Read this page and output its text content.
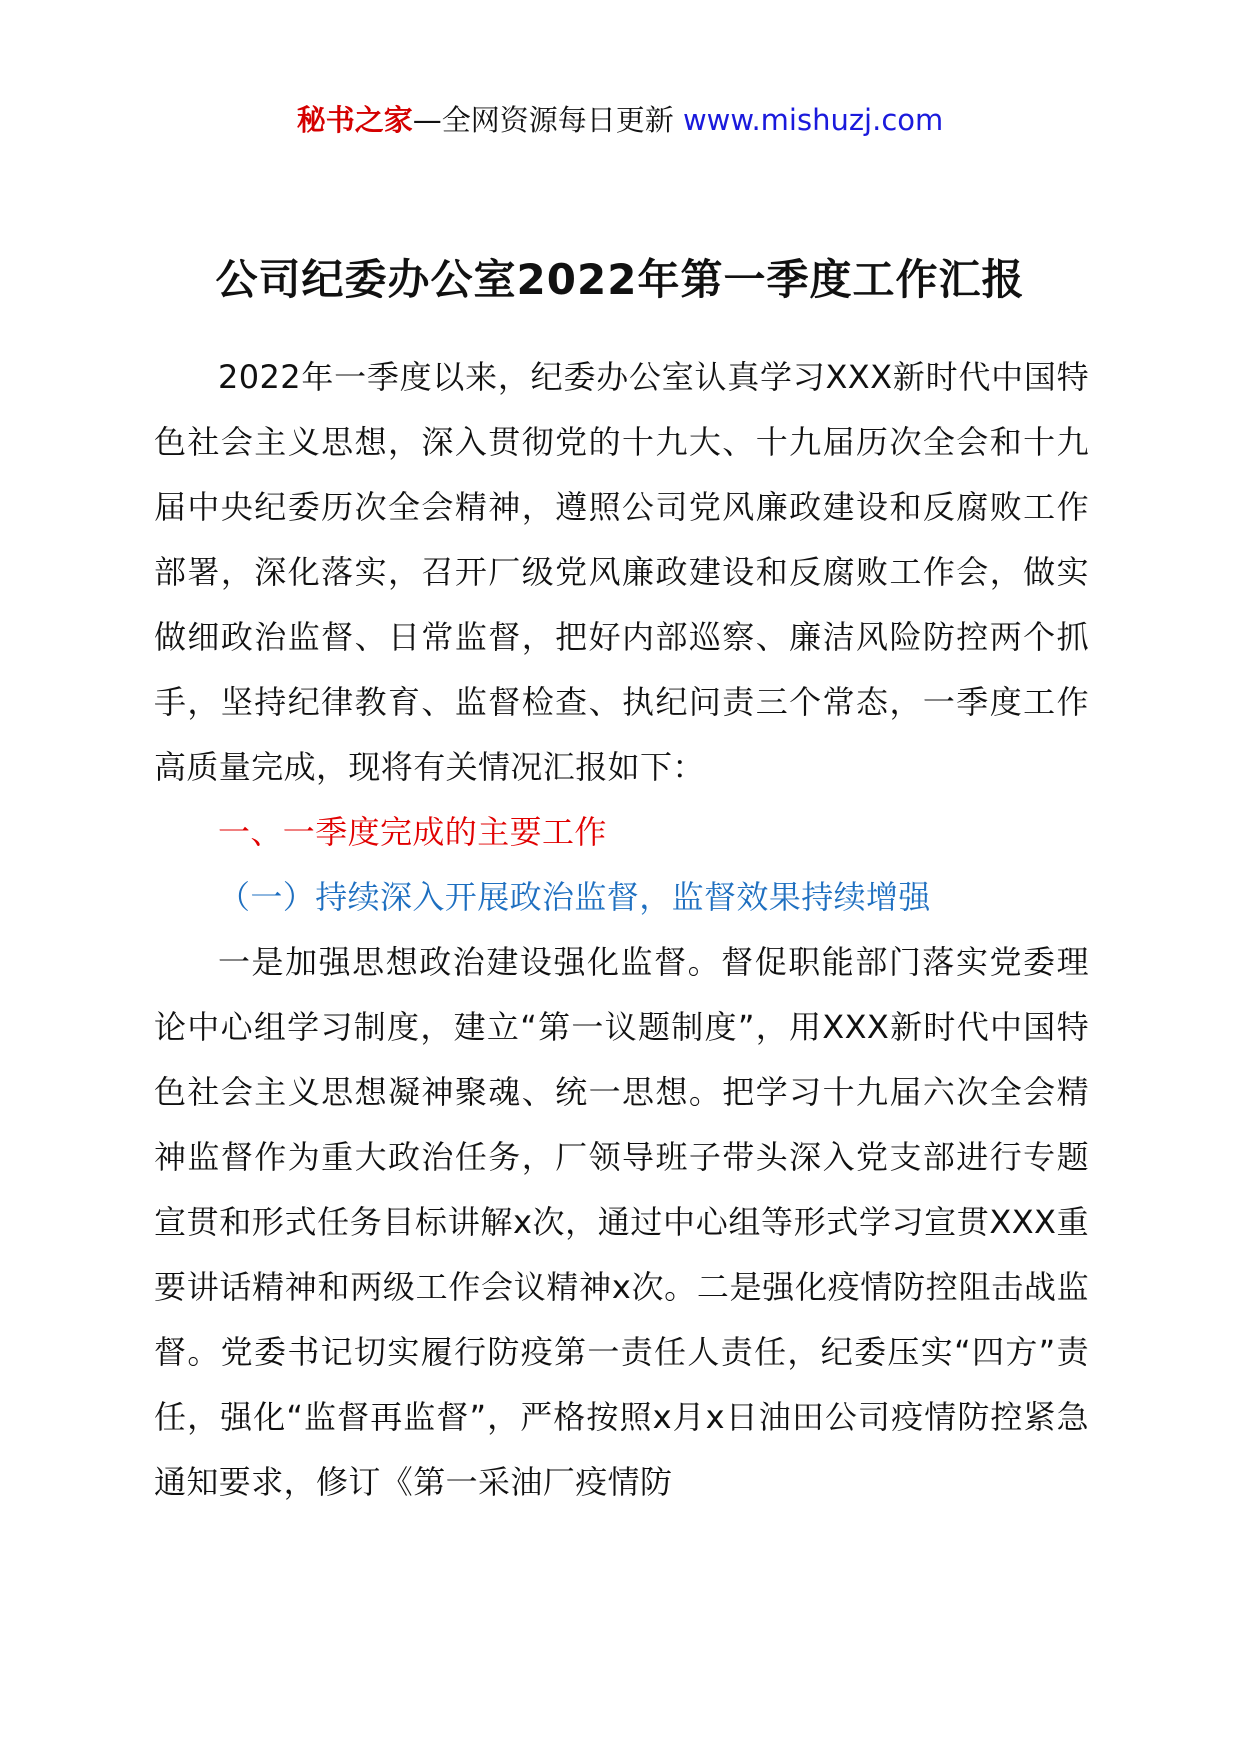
秘书之家—全网资源每日更新 www.mishuzj.com
公司纪委办公室2022年第一季度工作汇报

2022年一季度以来，纪委办公室认真学习XXX新时代中国特色社会主义思想，深入贯彻党的十九大、十九届历次全会和十九届中央纪委历次全会精神，遵照公司党风廉政建设和反腐败工作部署，深化落实，召开厂级党风廉政建设和反腐败工作会，做实做细政治监督、日常监督，把好内部巡察、廉洁风险防控两个抓手，坚持纪律教育、监督检查、执纪问责三个常态，一季度工作高质量完成，现将有关情况汇报如下：

一、一季度完成的主要工作

（一）持续深入开展政治监督，监督效果持续增强

一是加强思想政治建设强化监督。督促职能部门落实党委理论中心组学习制度，建立“第一议题制度”，用XXX新时代中国特色社会主义思想凝神聚魂、统一思想。把学习十九届六次全会精神监督作为重大政治任务，厂领导班子带头深入党支部进行专题宣贯和形式任务目标讲解x次，通过中心组等形式学习宣贯XXX重要讲话精神和两级工作会议精神x次。二是强化疫情防控阻击战监督。党委书记切实履行防疫第一责任人责任，纪委压实“四方”责任，强化“监督再监督”，严格按照x月x日油田公司疫情防控紧急通知要求，修订《第一采油厂疫情防
